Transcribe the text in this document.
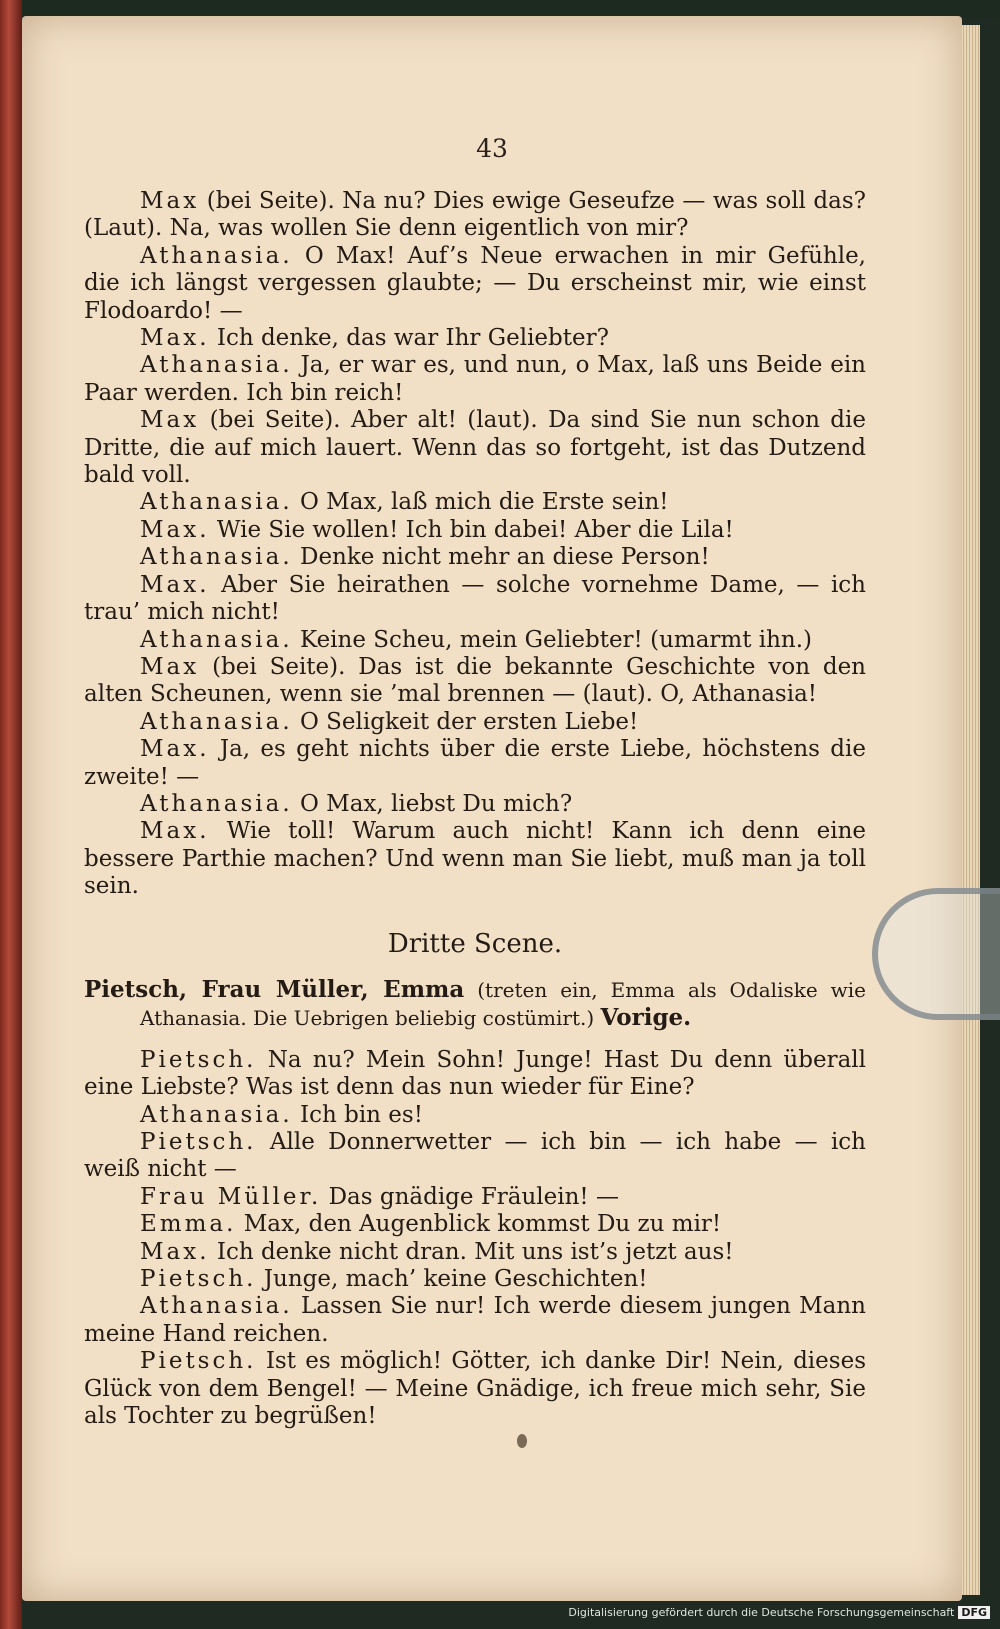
43

Max (bei Seite). Na nu? Dies ewige Geseufze — was soll das? (Laut). Na, was wollen Sie denn eigentlich von mir?

Athanasia. O Max! Auf’s Neue erwachen in mir Gefühle, die ich längst vergessen glaubte; — Du erscheinst mir, wie einst Flodoardo! —

Max. Ich denke, das war Ihr Geliebter?

Athanasia. Ja, er war es, und nun, o Max, laß uns Beide ein Paar werden. Ich bin reich!

Max (bei Seite). Aber alt! (laut). Da sind Sie nun schon die Dritte, die auf mich lauert. Wenn das so fortgeht, ist das Dutzend bald voll.

Athanasia. O Max, laß mich die Erste sein!

Max. Wie Sie wollen! Ich bin dabei! Aber die Lila!

Athanasia. Denke nicht mehr an diese Person!

Max. Aber Sie heirathen — solche vornehme Dame, — ich trau’ mich nicht!

Athanasia. Keine Scheu, mein Geliebter! (umarmt ihn.)

Max (bei Seite). Das ist die bekannte Geschichte von den alten Scheunen, wenn sie ’mal brennen — (laut). O, Athanasia!

Athanasia. O Seligkeit der ersten Liebe!

Max. Ja, es geht nichts über die erste Liebe, höchstens die zweite! —

Athanasia. O Max, liebst Du mich?

Max. Wie toll! Warum auch nicht! Kann ich denn eine bessere Parthie machen? Und wenn man Sie liebt, muß man ja toll sein.

Dritte Scene.

Pietsch, Frau Müller, Emma (treten ein, Emma als Odaliske wie Athanasia. Die Uebrigen beliebig costümirt.) Vorige.

Pietsch. Na nu? Mein Sohn! Junge! Hast Du denn überall eine Liebste? Was ist denn das nun wieder für Eine?

Athanasia. Ich bin es!

Pietsch. Alle Donnerwetter — ich bin — ich habe — ich weiß nicht —

Frau Müller. Das gnädige Fräulein! —

Emma. Max, den Augenblick kommst Du zu mir!

Max. Ich denke nicht dran. Mit uns ist’s jetzt aus!

Pietsch. Junge, mach’ keine Geschichten!

Athanasia. Lassen Sie nur! Ich werde diesem jungen Mann meine Hand reichen.

Pietsch. Ist es möglich! Götter, ich danke Dir! Nein, dieses Glück von dem Bengel! — Meine Gnädige, ich freue mich sehr, Sie als Tochter zu begrüßen!

Digitalisierung gefördert durch die Deutsche Forschungsgemeinschaft DFG
